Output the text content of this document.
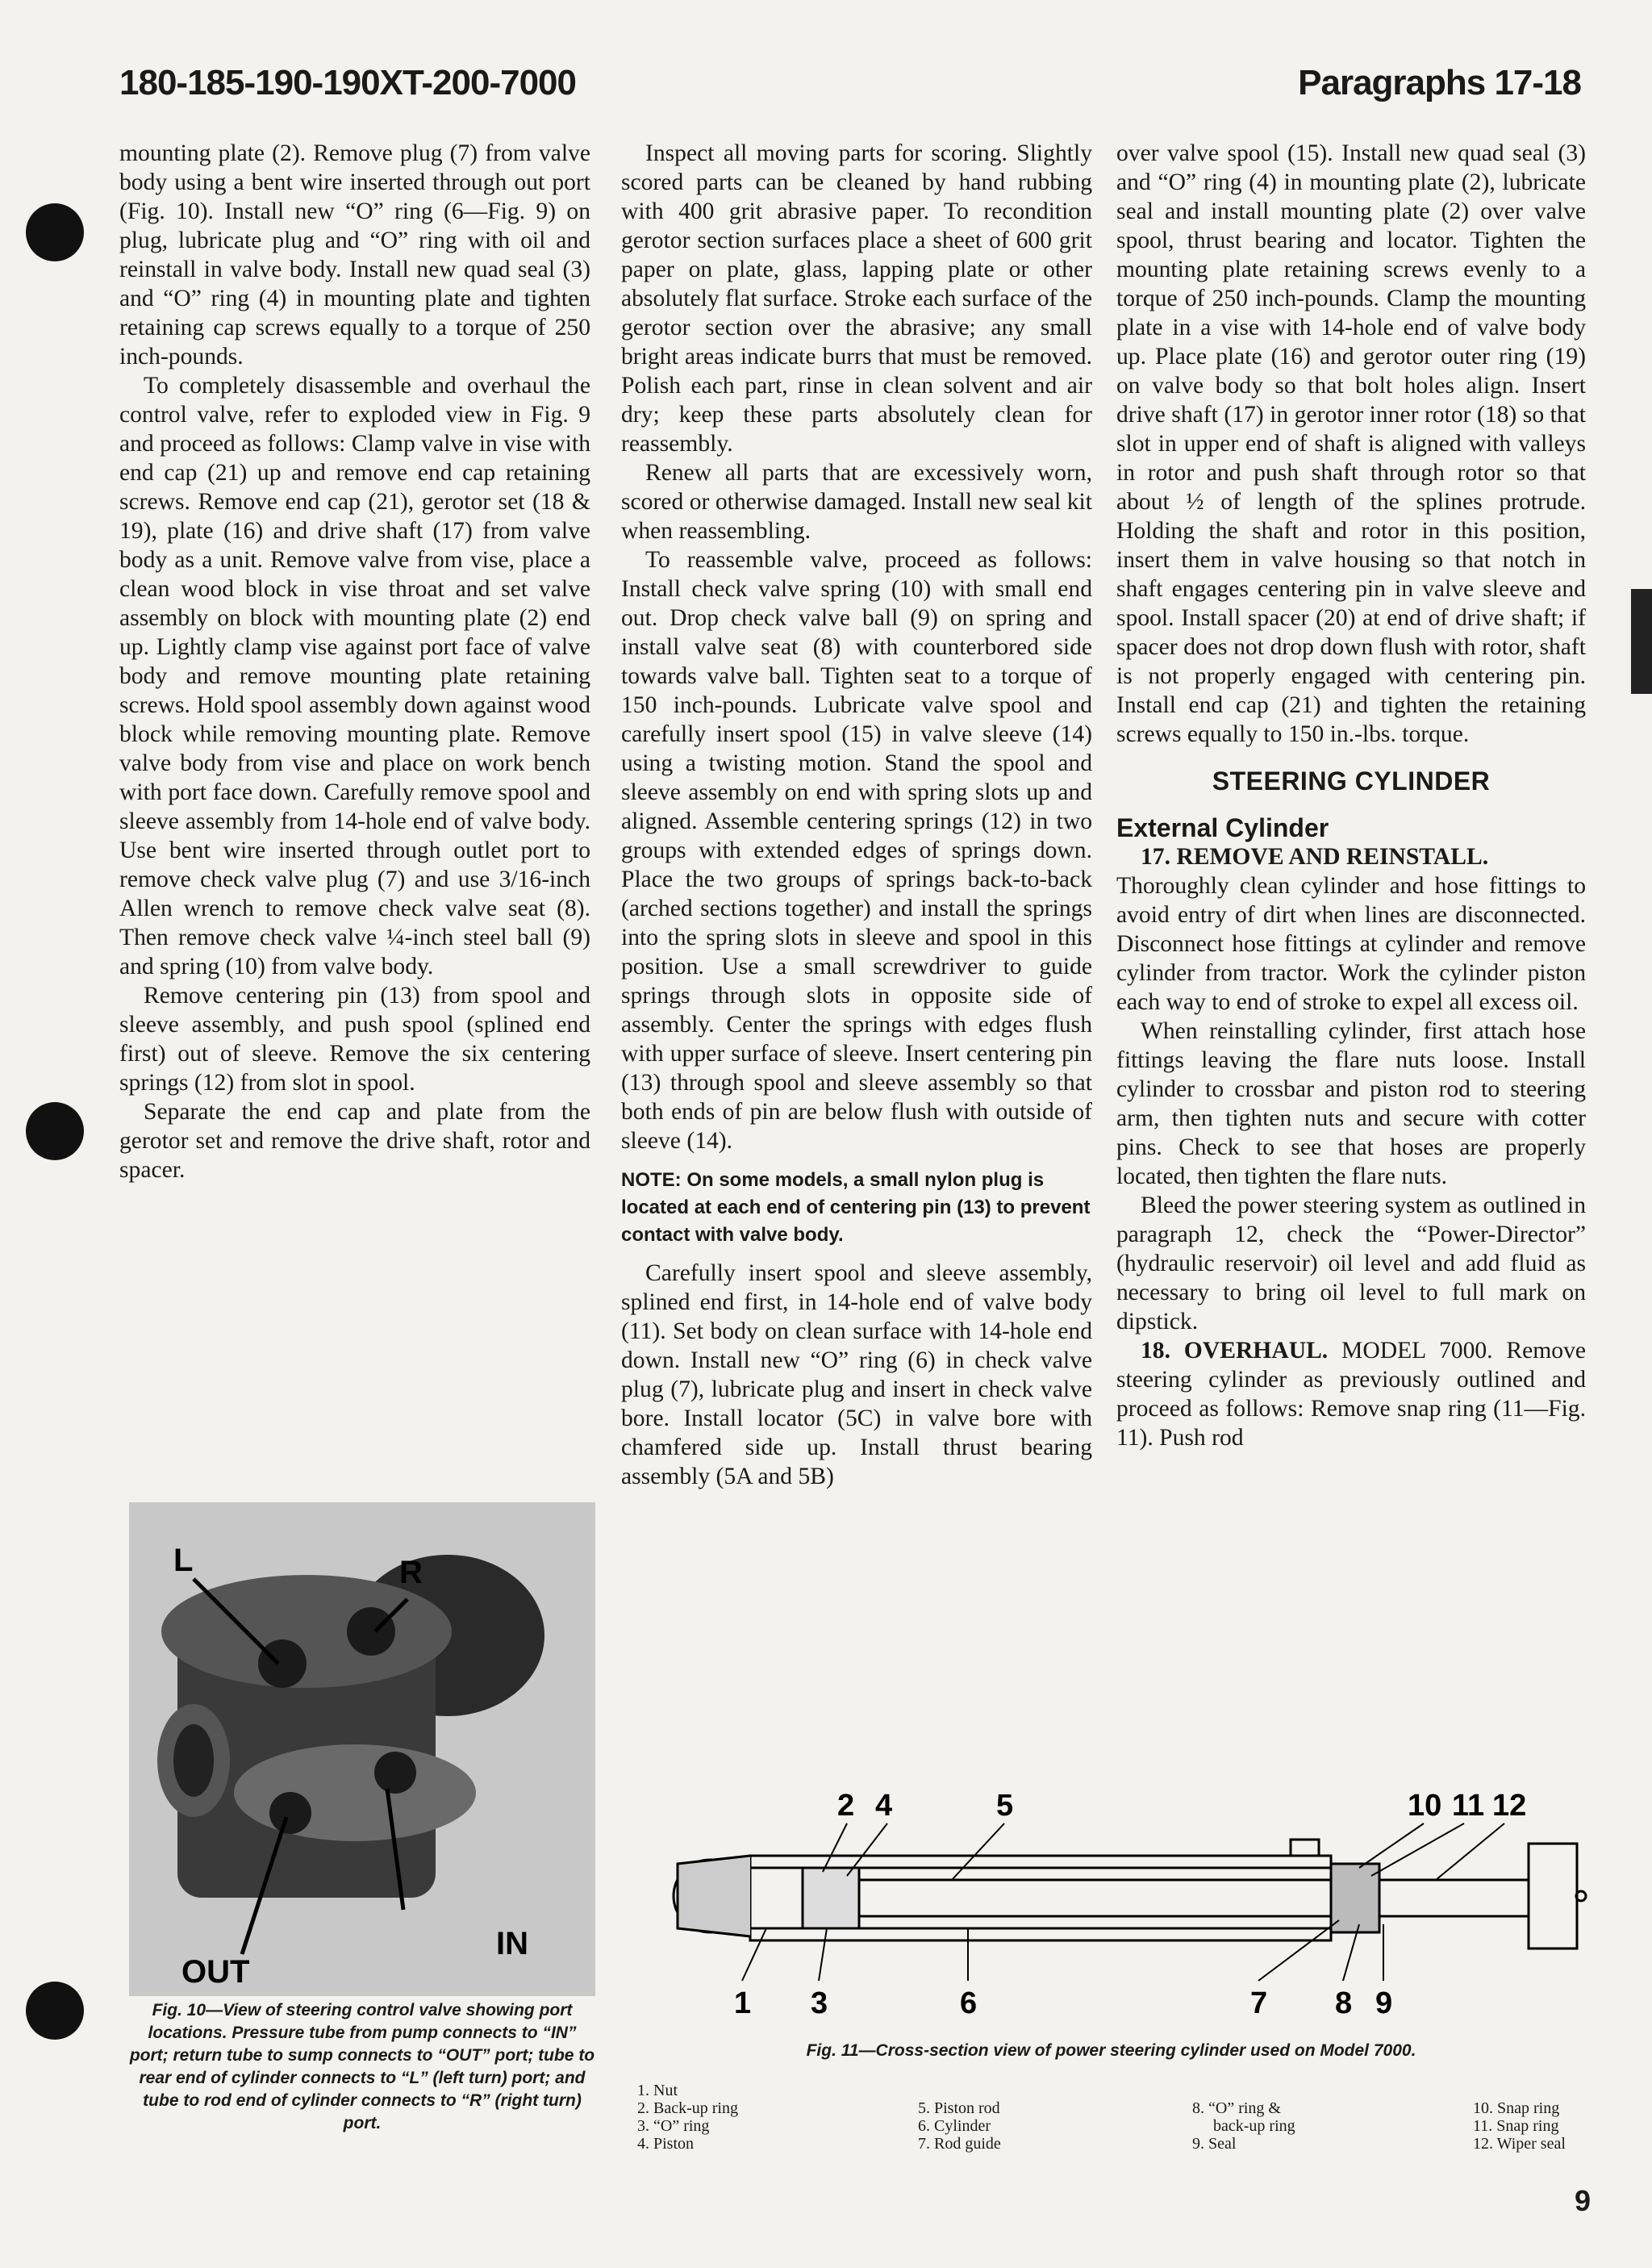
180-185-190-190XT-200-7000	Paragraphs 17-18

mounting plate (2). Remove plug (7) from valve body using a bent wire inserted through out port (Fig. 10). Install new “O” ring (6—Fig. 9) on plug, lubricate plug and “O” ring with oil and reinstall in valve body. Install new quad seal (3) and “O” ring (4) in mounting plate and tighten retaining cap screws equally to a torque of 250 inch-pounds.

To completely disassemble and overhaul the control valve, refer to exploded view in Fig. 9 and proceed as follows: Clamp valve in vise with end cap (21) up and remove end cap retaining screws. Remove end cap (21), gerotor set (18 & 19), plate (16) and drive shaft (17) from valve body as a unit. Remove valve from vise, place a clean wood block in vise throat and set valve assembly on block with mounting plate (2) end up. Lightly clamp vise against port face of valve body and remove mounting plate retaining screws. Hold spool assembly down against wood block while removing mounting plate. Remove valve body from vise and place on work bench with port face down. Carefully remove spool and sleeve assembly from 14-hole end of valve body. Use bent wire inserted through outlet port to remove check valve plug (7) and use 3/16-inch Allen wrench to remove check valve seat (8). Then remove check valve ¼-inch steel ball (9) and spring (10) from valve body.

Remove centering pin (13) from spool and sleeve assembly, and push spool (splined end first) out of sleeve. Remove the six centering springs (12) from slot in spool.

Separate the end cap and plate from the gerotor set and remove the drive shaft, rotor and spacer.

Inspect all moving parts for scoring. Slightly scored parts can be cleaned by hand rubbing with 400 grit abrasive paper. To recondition gerotor section surfaces place a sheet of 600 grit paper on plate, glass, lapping plate or other absolutely flat surface. Stroke each surface of the gerotor section over the abrasive; any small bright areas indicate burrs that must be removed. Polish each part, rinse in clean solvent and air dry; keep these parts absolutely clean for reassembly.

Renew all parts that are excessively worn, scored or otherwise damaged. Install new seal kit when reassembling.

To reassemble valve, proceed as follows: Install check valve spring (10) with small end out. Drop check valve ball (9) on spring and install valve seat (8) with counterbored side towards valve ball. Tighten seat to a torque of 150 inch-pounds. Lubricate valve spool and carefully insert spool (15) in valve sleeve (14) using a twisting motion. Stand the spool and sleeve assembly on end with spring slots up and aligned. Assemble centering springs (12) in two groups with extended edges of springs down. Place the two groups of springs back-to-back (arched sections together) and install the springs into the spring slots in sleeve and spool in this position. Use a small screwdriver to guide springs through slots in opposite side of assembly. Center the springs with edges flush with upper surface of sleeve. Insert centering pin (13) through spool and sleeve assembly so that both ends of pin are below flush with outside of sleeve (14).

NOTE: On some models, a small nylon plug is located at each end of centering pin (13) to prevent contact with valve body.

Carefully insert spool and sleeve assembly, splined end first, in 14-hole end of valve body (11). Set body on clean surface with 14-hole end down. Install new “O” ring (6) in check valve plug (7), lubricate plug and insert in check valve bore. Install locator (5C) in valve bore with chamfered side up. Install thrust bearing assembly (5A and 5B)

over valve spool (15). Install new quad seal (3) and “O” ring (4) in mounting plate (2), lubricate seal and install mounting plate (2) over valve spool, thrust bearing and locator. Tighten the mounting plate retaining screws evenly to a torque of 250 inch-pounds. Clamp the mounting plate in a vise with 14-hole end of valve body up. Place plate (16) and gerotor outer ring (19) on valve body so that bolt holes align. Insert drive shaft (17) in gerotor inner rotor (18) so that slot in upper end of shaft is aligned with valleys in rotor and push shaft through rotor so that about ½ of length of the splines protrude. Holding the shaft and rotor in this position, insert them in valve housing so that notch in shaft engages centering pin in valve sleeve and spool. Install spacer (20) at end of drive shaft; if spacer does not drop down flush with rotor, shaft is not properly engaged with centering pin. Install end cap (21) and tighten the retaining screws equally to 150 in.-lbs. torque.

STEERING CYLINDER

External Cylinder

17. REMOVE AND REINSTALL.

Thoroughly clean cylinder and hose fittings to avoid entry of dirt when lines are disconnected. Disconnect hose fittings at cylinder and remove cylinder from tractor. Work the cylinder piston each way to end of stroke to expel all excess oil.

When reinstalling cylinder, first attach hose fittings leaving the flare nuts loose. Install cylinder to crossbar and piston rod to steering arm, then tighten nuts and secure with cotter pins. Check to see that hoses are properly located, then tighten the flare nuts.

Bleed the power steering system as outlined in paragraph 12, check the “Power-Director” (hydraulic reservoir) oil level and add fluid as necessary to bring oil level to full mark on dipstick.

18. OVERHAUL. MODEL 7000. Remove steering cylinder as previously outlined and proceed as follows: Remove snap ring (11—Fig. 11). Push rod

L	R
IN
OUT

Fig. 10—View of steering control valve showing port locations. Pressure tube from pump connects to “IN” port; return tube to sump connects to “OUT” port; tube to rear end of cylinder connects to “L” (left turn) port; and tube to rod end of cylinder connects to “R” (right turn) port.

2 4	5	10 11 12
1 3	6	7 8 9

Fig. 11—Cross-section view of power steering cylinder used on Model 7000.

1. Nut
2. Back-up ring
3. “O” ring
4. Piston
5. Piston rod
6. Cylinder
7. Rod guide
8. “O” ring &
back-up ring
9. Seal
10. Snap ring
11. Snap ring
12. Wiper seal
9
